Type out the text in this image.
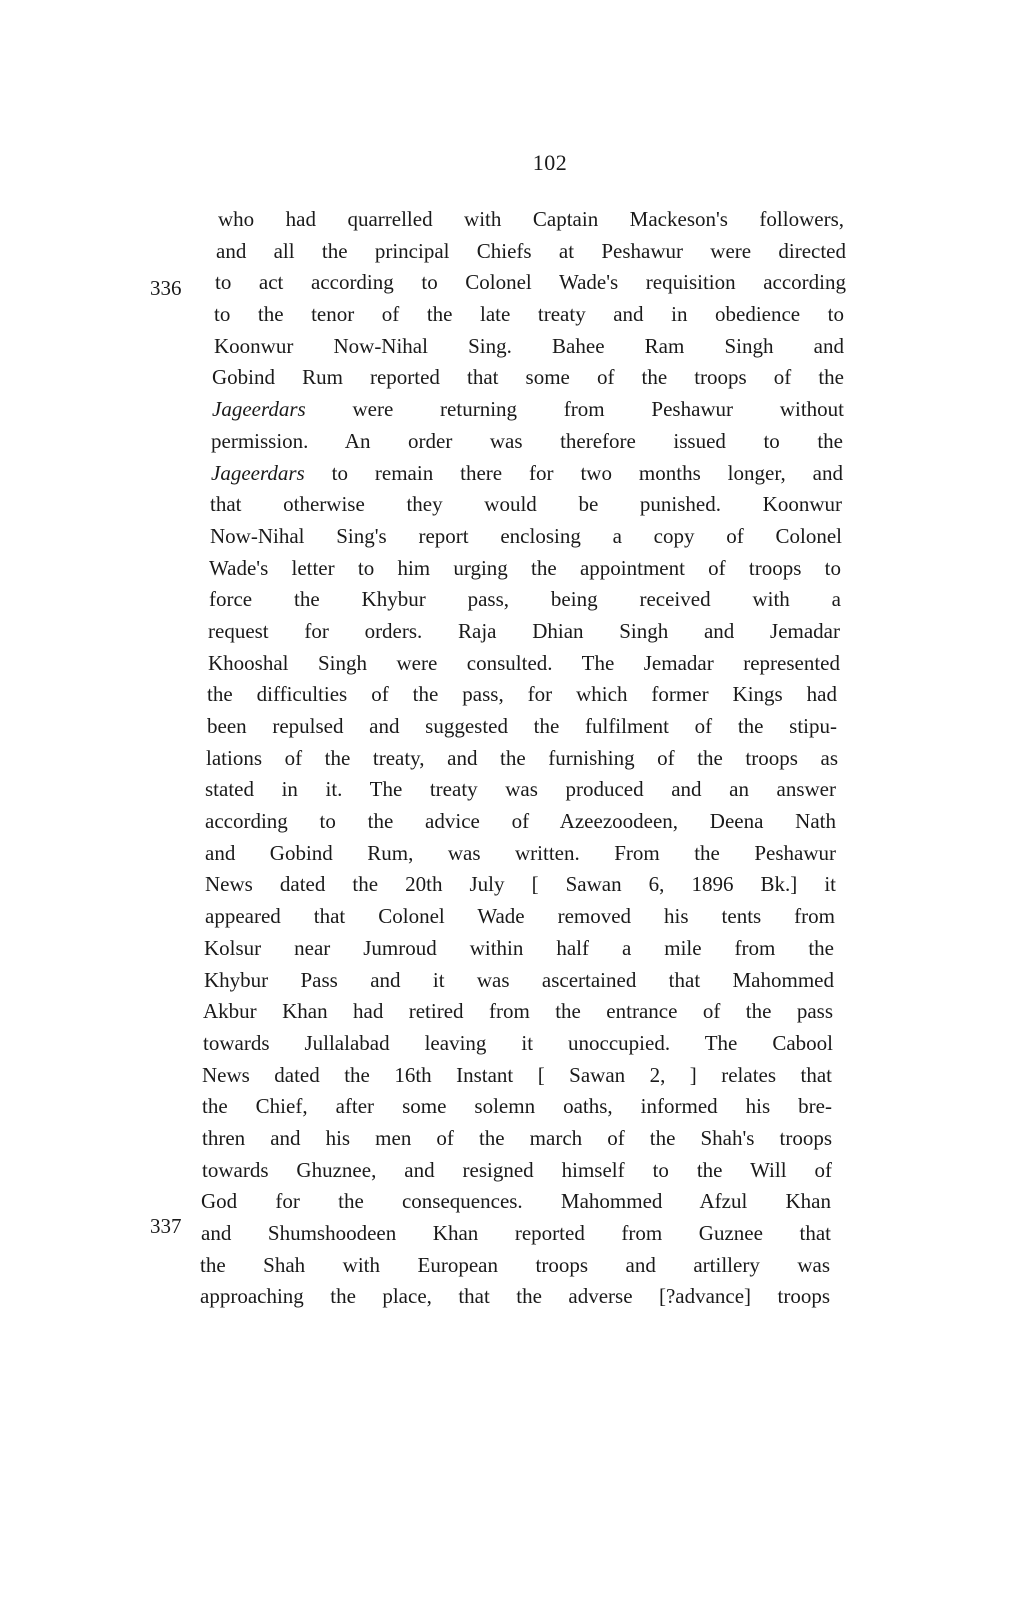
102
336
337
who had quarrelled with Captain Mackeson's followers,
and all the principal Chiefs at Peshawur were directed
to act according to Colonel Wade's requisition according
to the tenor of the late treaty and in obedience to
Koonwur Now-Nihal Sing. Bahee Ram Singh and
Gobind Rum reported that some of the troops of the
Jageerdars were returning from Peshawur without
permission. An order was therefore issued to the
Jageerdars to remain there for two months longer, and
that otherwise they would be punished. Koonwur
Now-Nihal Sing's report enclosing a copy of Colonel
Wade's letter to him urging the appointment of troops to
force the Khybur pass, being received with a
request for orders. Raja Dhian Singh and Jemadar
Khooshal Singh were consulted. The Jemadar represented
the difficulties of the pass, for which former Kings had
been repulsed and suggested the fulfilment of the stipu-
lations of the treaty, and the furnishing of the troops as
stated in it. The treaty was produced and an answer
according to the advice of Azeezoodeen, Deena Nath
and Gobind Rum, was written. From the Peshawur
News dated the 20th July [ Sawan 6, 1896 Bk.] it
appeared that Colonel Wade removed his tents from
Kolsur near Jumroud within half a mile from the
Khybur Pass and it was ascertained that Mahommed
Akbur Khan had retired from the entrance of the pass
towards Jullalabad leaving it unoccupied. The Cabool
News dated the 16th Instant [ Sawan 2, ] relates that
the Chief, after some solemn oaths, informed his bre-
thren and his men of the march of the Shah's troops
towards Ghuznee, and resigned himself to the Will of
God for the consequences. Mahommed Afzul Khan
and Shumshoodeen Khan reported from Guznee that
the Shah with European troops and artillery was
approaching the place, that the adverse [?advance] troops
